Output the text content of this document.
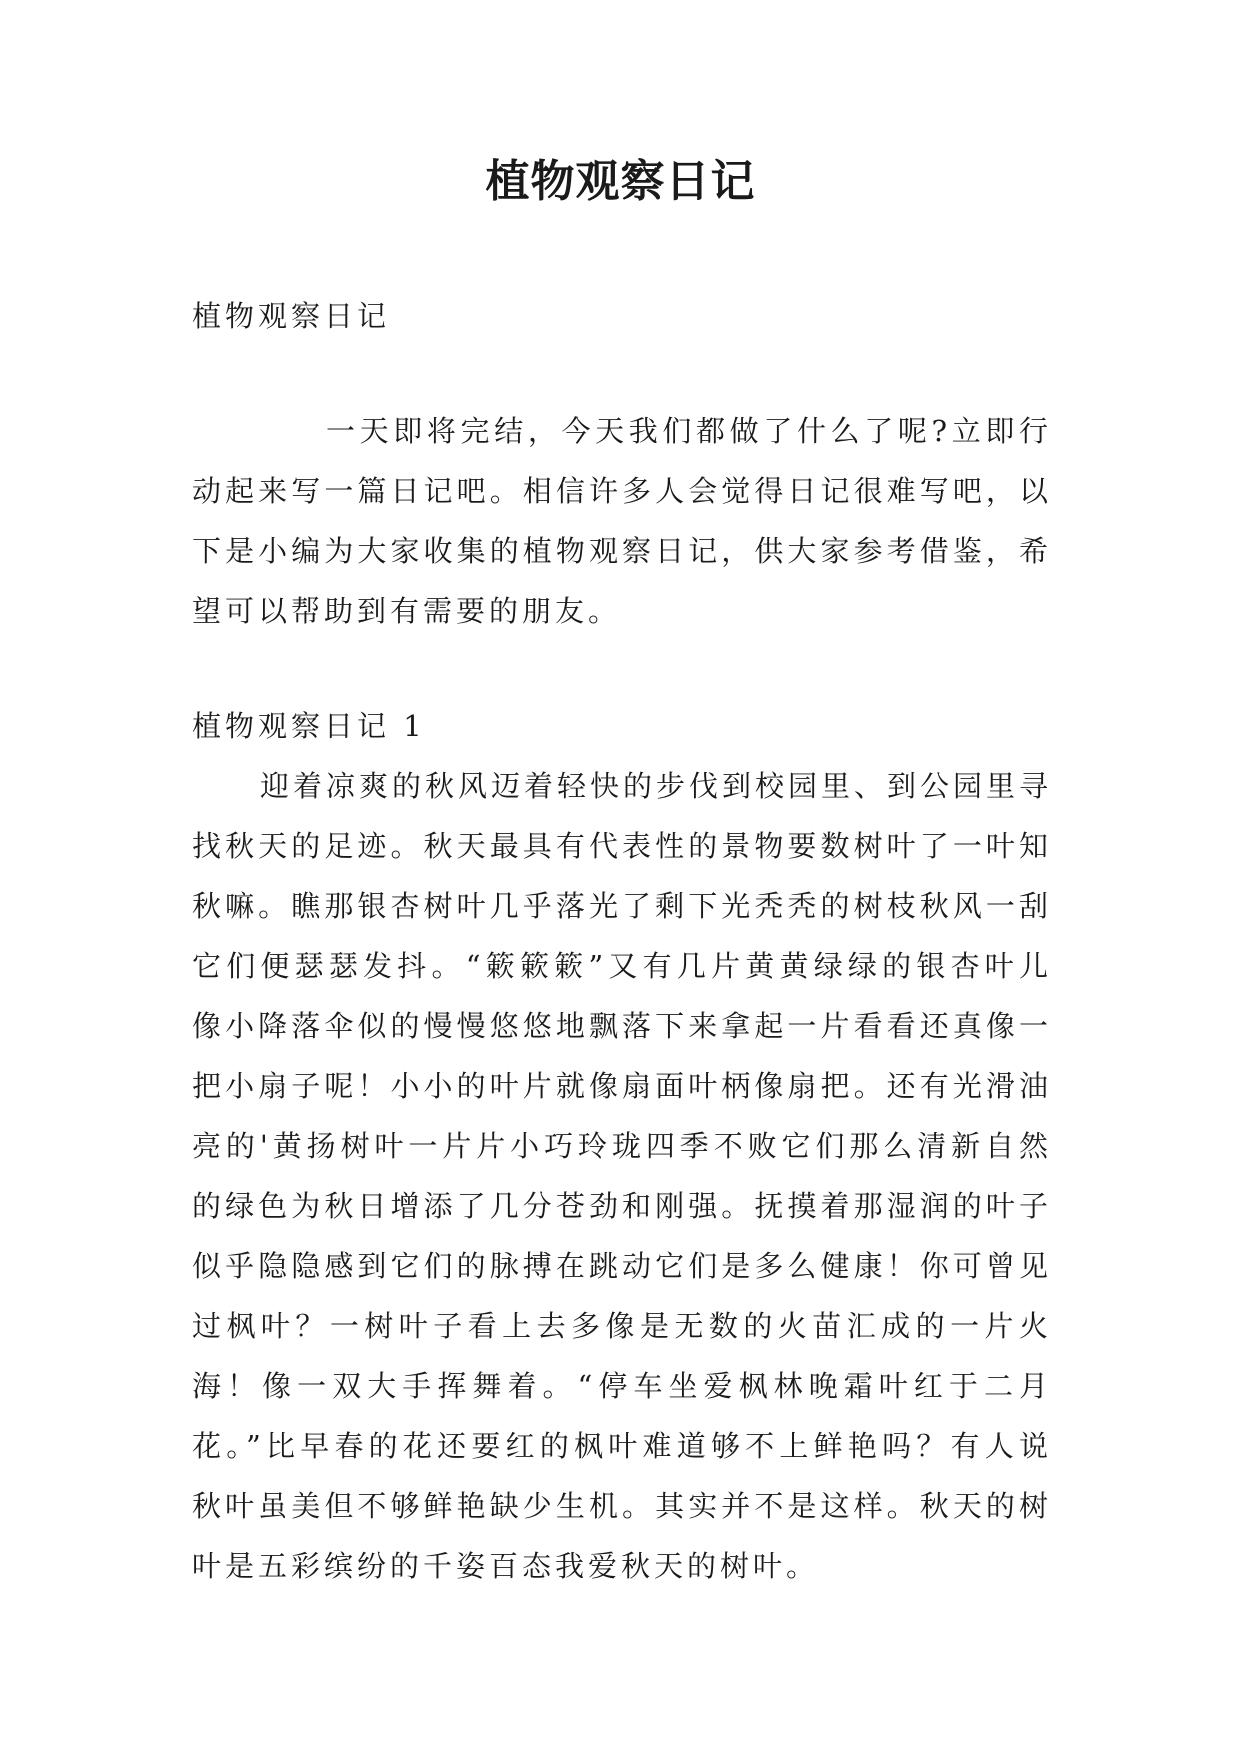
植物观察日记
植物观察日记

一天即将完结，今天我们都做了什么了呢?立即行动起来写一篇日记吧。相信许多人会觉得日记很难写吧，以下是小编为大家收集的植物观察日记，供大家参考借鉴，希望可以帮助到有需要的朋友。

植物观察日记 1

迎着凉爽的秋风迈着轻快的步伐到校园里、到公园里寻找秋天的足迹。秋天最具有代表性的景物要数树叶了一叶知秋嘛。瞧那银杏树叶几乎落光了剩下光秃秃的树枝秋风一刮它们便瑟瑟发抖。“簌簌簌”又有几片黄黄绿绿的银杏叶儿像小降落伞似的慢慢悠悠地飘落下来拿起一片看看还真像一把小扇子呢！小小的叶片就像扇面叶柄像扇把。还有光滑油亮的'黄扬树叶一片片小巧玲珑四季不败它们那么清新自然的绿色为秋日增添了几分苍劲和刚强。抚摸着那湿润的叶子似乎隐隐感到它们的脉搏在跳动它们是多么健康！你可曾见过枫叶？一树叶子看上去多像是无数的火苗汇成的一片火海！像一双大手挥舞着。“停车坐爱枫林晚霜叶红于二月花。”比早春的花还要红的枫叶难道够不上鲜艳吗？有人说秋叶虽美但不够鲜艳缺少生机。其实并不是这样。秋天的树叶是五彩缤纷的千姿百态我爱秋天的树叶。
